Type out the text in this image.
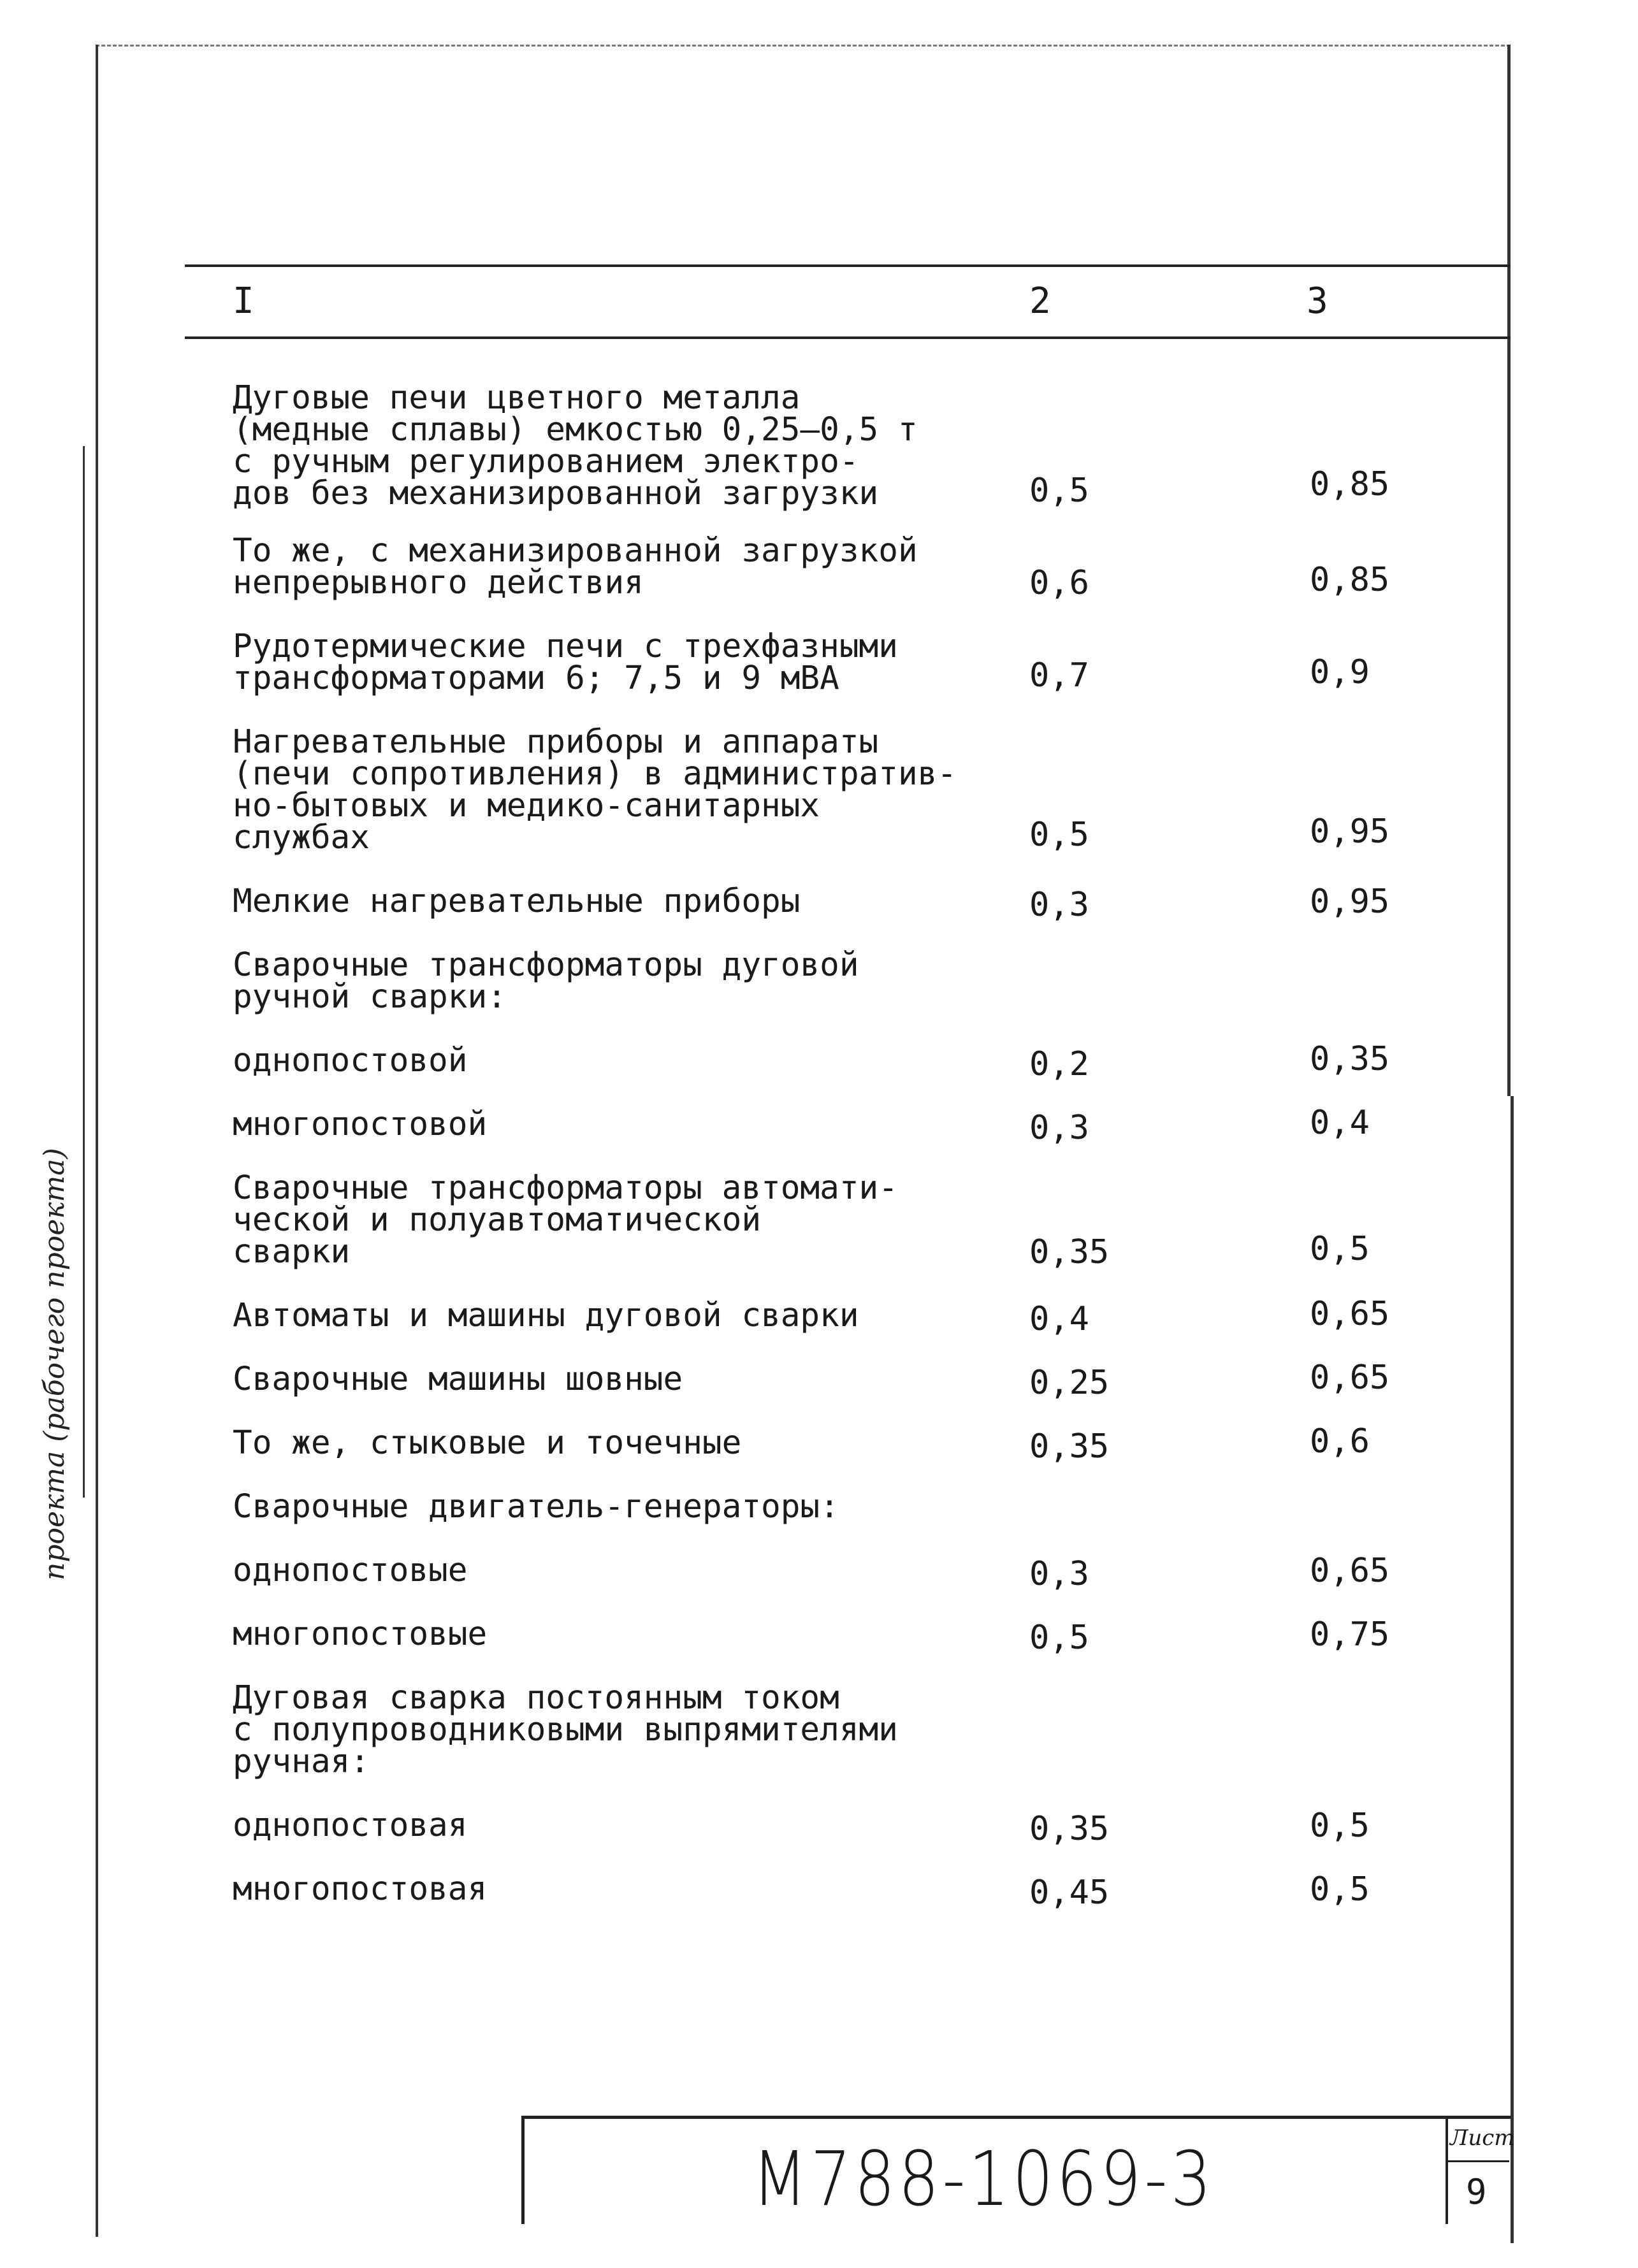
I	2	3
Дуговые печи цветного металла
(медные сплавы) емкостью 0,25–0,5 т
с ручным регулированием электро-
дов без механизированной загрузки	0,5	0,85
То же, с механизированной загрузкой
непрерывного действия	0,6	0,85
Рудотермические печи с трехфазными
трансформаторами 6; 7,5 и 9 мВА	0,7	0,9
Нагревательные приборы и аппараты
(печи сопротивления) в административ-
но-бытовых и медико-санитарных
службах	0,5	0,95
Мелкие нагревательные приборы	0,3	0,95
Сварочные трансформаторы дуговой
ручной сварки:
однопостовой	0,2	0,35
многопостовой	0,3	0,4
Сварочные трансформаторы автомати-
ческой и полуавтоматической
сварки	0,35	0,5
Автоматы и машины дуговой сварки	0,4	0,65
Сварочные машины шовные	0,25	0,65
То же, стыковые и точечные	0,35	0,6
Сварочные двигатель-генераторы:
однопостовые	0,3	0,65
многопостовые	0,5	0,75
Дуговая сварка постоянным током
с полупроводниковыми выпрямителями
ручная:
однопостовая	0,35	0,5
многопостовая	0,45	0,5
проекта (рабочего проекта)
М788-1069-3	Лист
9
